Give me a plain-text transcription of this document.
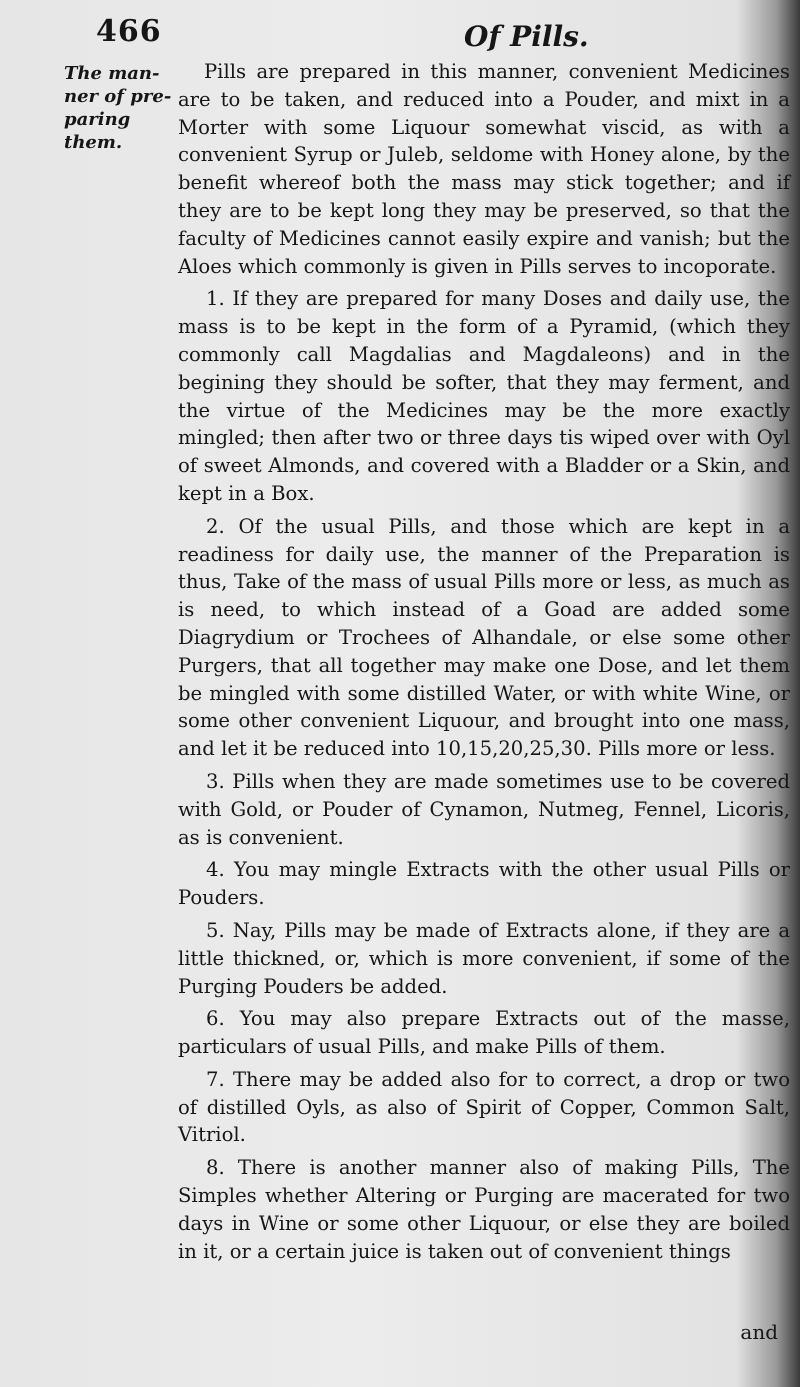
466	Of Pills.
The man-
ner of pre-
paring
them.

Pills are prepared in this manner, convenient Medicines are to be taken, and reduced into a Pouder, and mixt in a Morter with some Liquour somewhat viscid, as with a convenient Syrup or Juleb, seldome with Honey alone, by the benefit whereof both the mass may stick together; and if they are to be kept long they may be preserved, so that the faculty of Medicines cannot easily expire and vanish; but the Aloes which commonly is given in Pills serves to incoporate.

1. If they are prepared for many Doses and daily use, the mass is to be kept in the form of a Pyramid, (which they commonly call Magdalias and Magdaleons) and in the begining they should be softer, that they may ferment, and the virtue of the Medicines may be the more exactly mingled; then after two or three days tis wiped over with Oyl of sweet Almonds, and covered with a Bladder or a Skin, and kept in a Box.

2. Of the usual Pills, and those which are kept in a readiness for daily use, the manner of the Preparation is thus, Take of the mass of usual Pills more or less, as much as is need, to which instead of a Goad are added some Diagrydium or Trochees of Alhandale, or else some other Purgers, that all together may make one Dose, and let them be mingled with some distilled Water, or with white Wine, or some other convenient Liquour, and brought into one mass, and let it be reduced into 10,15,20,25,30. Pills more or less.

3. Pills when they are made sometimes use to be covered with Gold, or Pouder of Cynamon, Nutmeg, Fennel, Licoris, as is convenient.

4. You may mingle Extracts with the other usual Pills or Pouders.

5. Nay, Pills may be made of Extracts alone, if they are a little thickned, or, which is more convenient, if some of the Purging Pouders be added.

6. You may also prepare Extracts out of the masse, particulars of usual Pills, and make Pills of them.

7. There may be added also for to correct, a drop or two of distilled Oyls, as also of Spirit of Copper, Common Salt, Vitriol.

8. There is another manner also of making Pills, The Simples whether Altering or Purging are macerated for two days in Wine or some other Liquour, or else they are boiled in it, or a certain juice is taken out of convenient things

and
